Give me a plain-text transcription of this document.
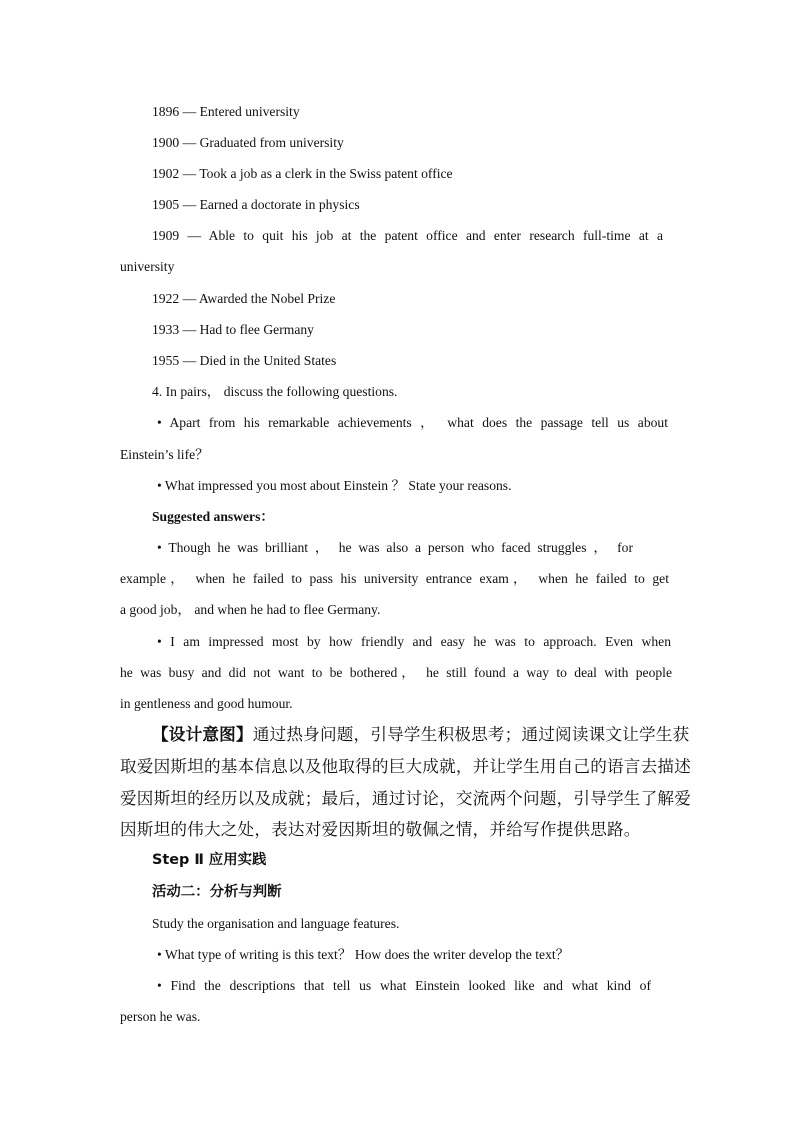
1896 — Entered university
1900 — Graduated from university
1902 — Took a job as a clerk in the Swiss patent office
1905 — Earned a doctorate in physics
1909 — Able to quit his job at the patent office and enter research full-time at a
university
1922 — Awarded the Nobel Prize
1933 — Had to flee Germany
1955 — Died in the United States
4. In pairs， discuss the following questions.
• Apart from his remarkable achievements ， what does the passage tell us about
Einstein’s life？
• What impressed you most about Einstein ？ State your reasons.
Suggested answers：
• Though he was brilliant ， he was also a person who faced struggles ， for
example， when he failed to pass his university entrance exam， when he failed to get
a good job， and when he had to flee Germany.
• I am impressed most by how friendly and easy he was to approach. Even when
he was busy and did not want to be bothered， he still found a way to deal with people
in gentleness and good humour.
【设计意图】通过热身问题，引导学生积极思考；通过阅读课文让学生获
取爱因斯坦的基本信息以及他取得的巨大成就，并让学生用自己的语言去描述
爱因斯坦的经历以及成就；最后，通过讨论，交流两个问题，引导学生了解爱
因斯坦的伟大之处，表达对爱因斯坦的敬佩之情，并给写作提供思路。
Step Ⅱ 应用实践
活动二：分析与判断
Study the organisation and language features.
• What type of writing is this text？ How does the writer develop the text？
• Find the descriptions that tell us what Einstein looked like and what kind of
person he was.
